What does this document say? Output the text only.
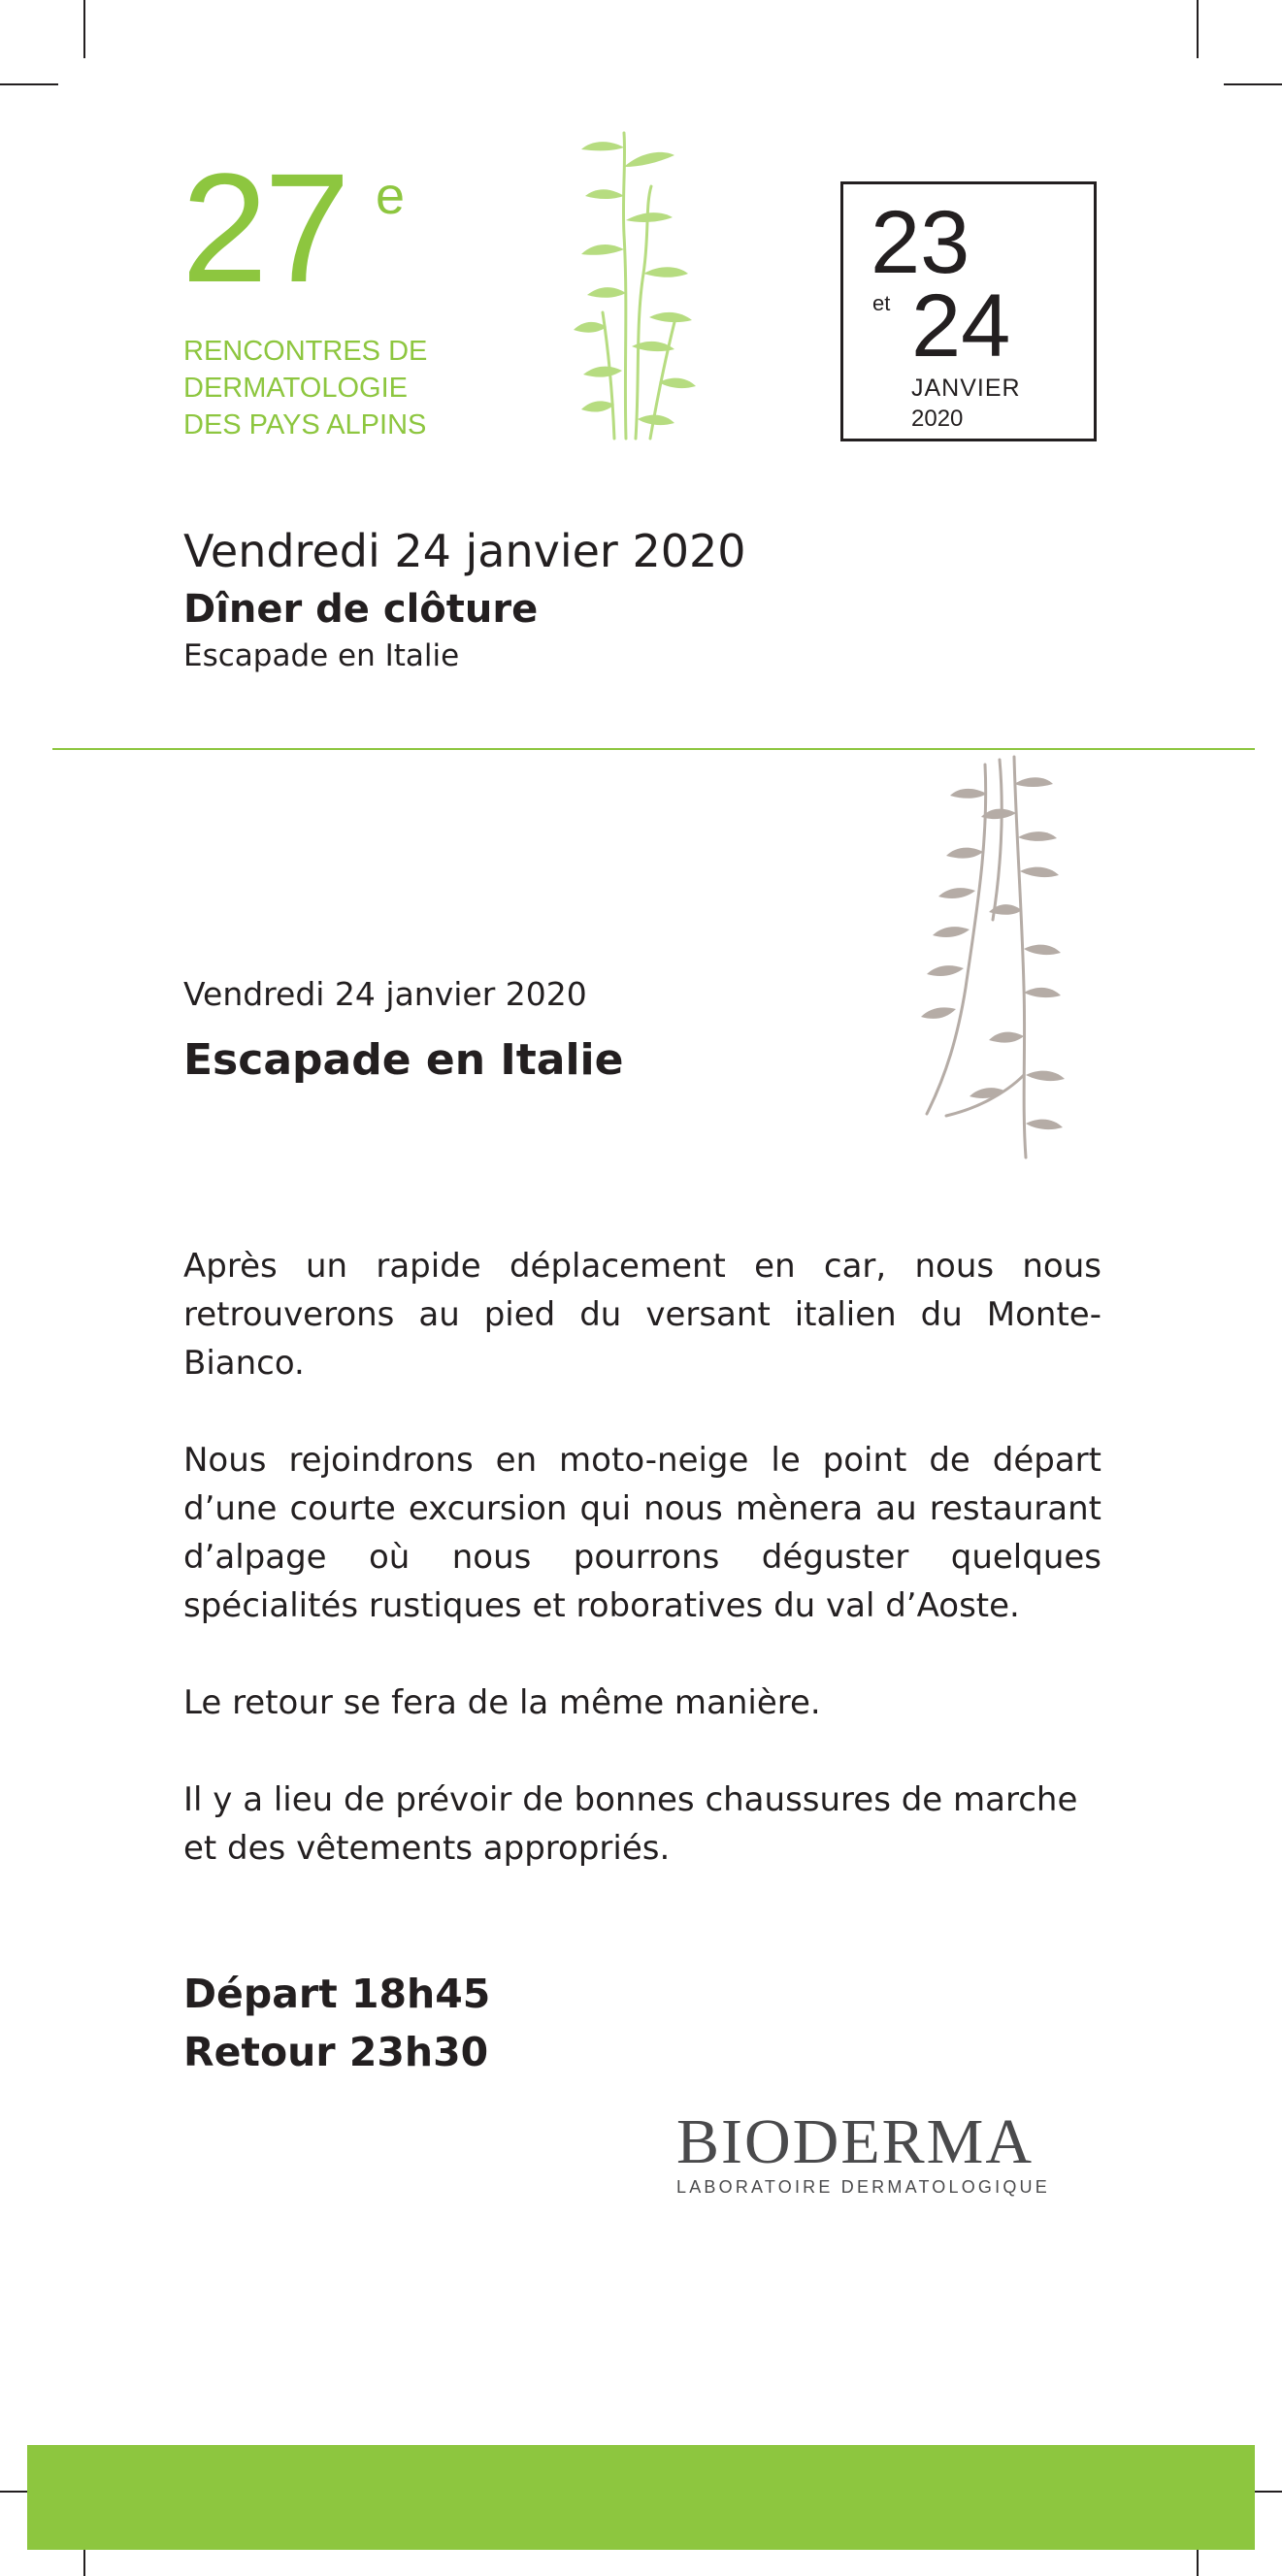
27 e
RENCONTRES DE
DERMATOLOGIE
DES PAYS ALPINS
23
et 24
JANVIER
2020
Vendredi 24 janvier 2020
Dîner de clôture
Escapade en Italie
Vendredi 24 janvier 2020
Escapade en Italie

Après un rapide déplacement en car, nous nous retrouverons au pied du versant italien du Monte-Bianco.

Nous rejoindrons en moto-neige le point de départ d’une courte excursion qui nous mènera au restaurant d’alpage où nous pourrons déguster quelques spécialités rustiques et roboratives du val d’Aoste.

Le retour se fera de la même manière.

Il y a lieu de prévoir de bonnes chaussures de marche et des vêtements appropriés.

Départ 18h45
Retour 23h30
BIODERMA
LABORATOIRE DERMATOLOGIQUE
